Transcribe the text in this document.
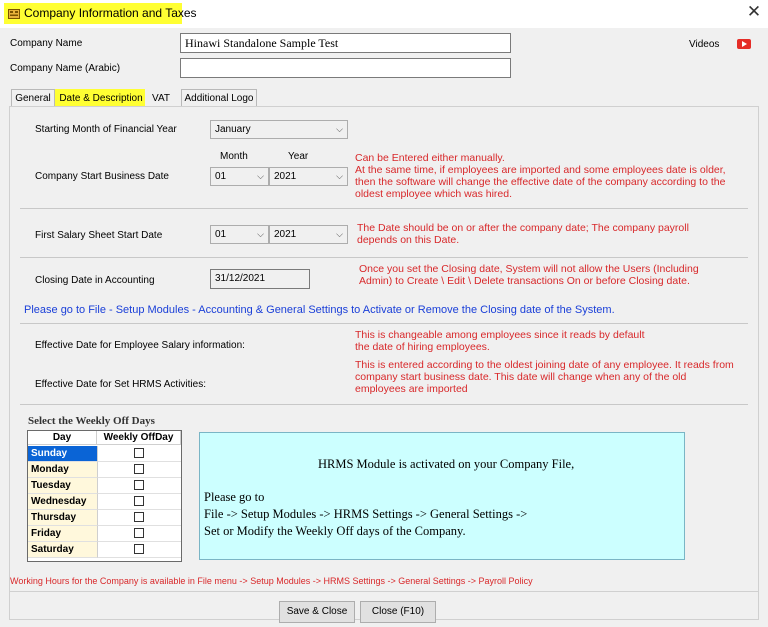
Company Information and Taxes	✕
Company Name	Hinawi Standalone Sample Test
Company Name (Arabic)
Videos
General Date & Description VAT	Additional Logo
Starting Month of Financial Year	January	⌵
Month	Year
Company Start Business Date	01	⌵	2021	⌵
Can be Entered either manually.
At the same time, if employees are imported and some employees date is older, then the software will change the effective date of the company according to the oldest employee which was hired.
First Salary Sheet Start Date	01	⌵	2021	⌵ The Date should be on or after the company date; The company payroll depends on this Date.
Closing Date in Accounting	31/12/2021
Once you set the Closing date, System will not allow the Users (Including Admin) to Create \ Edit \ Delete transactions On or before Closing date.
Please go to File - Setup Modules - Accounting & General Settings to Activate or Remove the Closing date of the System.
This is changeable among employees since it reads by default
the date of hiring employees.
Effective Date for Employee Salary information:
This is entered according to the oldest joining date of any employee. It reads from company start business date. This date will change when any of the old employees are imported
Effective Date for Set HRMS Activities:
Select the Weekly Off Days
Day	Weekly OffDay
Sunday
Monday
Tuesday
Wednesday
Thursday
Friday
Saturday
HRMS Module is activated on your Company File,
Please go to
File -> Setup Modules -> HRMS Settings -> General Settings ->
Set or Modify the Weekly Off days of the Company.
Working Hours for the Company is available in File menu -> Setup Modules -> HRMS Settings -> General Settings -> Payroll Policy
Save & Close	Close (F10)
